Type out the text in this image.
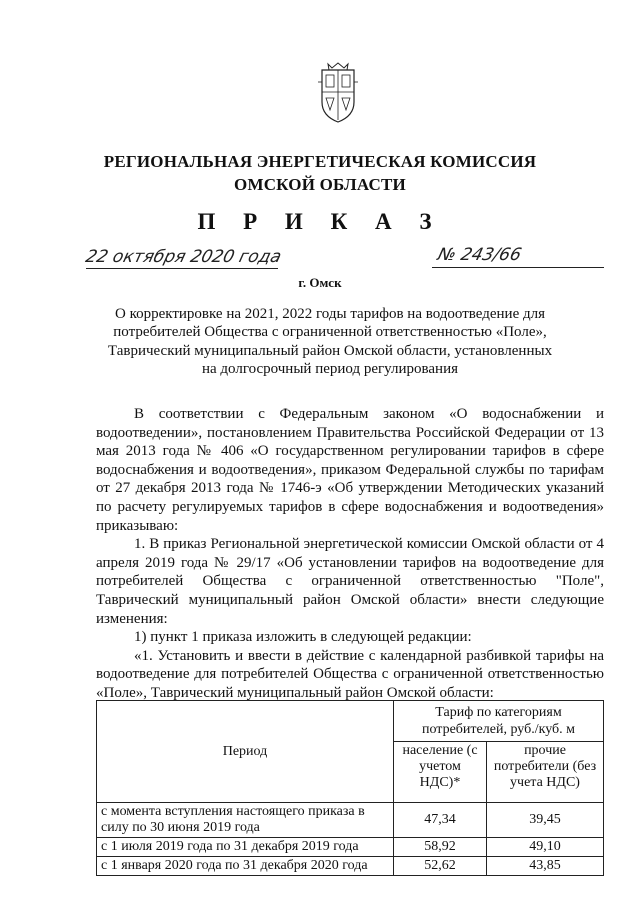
РЕГИОНАЛЬНАЯ ЭНЕРГЕТИЧЕСКАЯ КОМИССИЯ
ОМСКОЙ ОБЛАСТИ
П Р И К А З
22 октября 2020 года	№ 243/66
г. Омск
О корректировке на 2021, 2022 годы тарифов на водоотведение для
потребителей Общества с ограниченной ответственностью «Поле»,
Таврический муниципальный район Омской области, установленных
на долгосрочный период регулирования

В соответствии с Федеральным законом «О водоснабжении и водоотведении», постановлением Правительства Российской Федерации от 13 мая 2013 года № 406 «О государственном регулировании тарифов в сфере водоснабжения и водоотведения», приказом Федеральной службы по тарифам от 27 декабря 2013 года № 1746-э «Об утверждении Методических указаний по расчету регулируемых тарифов в сфере водоснабжения и водоотведения» приказываю:

1. В приказ Региональной энергетической комиссии Омской области от 4 апреля 2019 года № 29/17 «Об установлении тарифов на водоотведение для потребителей Общества с ограниченной ответственностью "Поле", Таврический муниципальный район Омской области» внести следующие изменения:

1) пункт 1 приказа изложить в следующей редакции:

«1. Установить и ввести в действие с календарной разбивкой тарифы на водоотведение для потребителей Общества с ограниченной ответственностью «Поле», Таврический муниципальный район Омской области:

Период	Тариф по категориям потребителей, руб./куб. м	
	население (с учетом НДС)*	прочие потребители (без учета НДС)
с момента вступления настоящего приказа в силу по 30 июня 2019 года	47,34	39,45
с 1 июля 2019 года по 31 декабря 2019 года	58,92	49,10
с 1 января 2020 года по 31 декабря 2020 года	52,62	43,85
